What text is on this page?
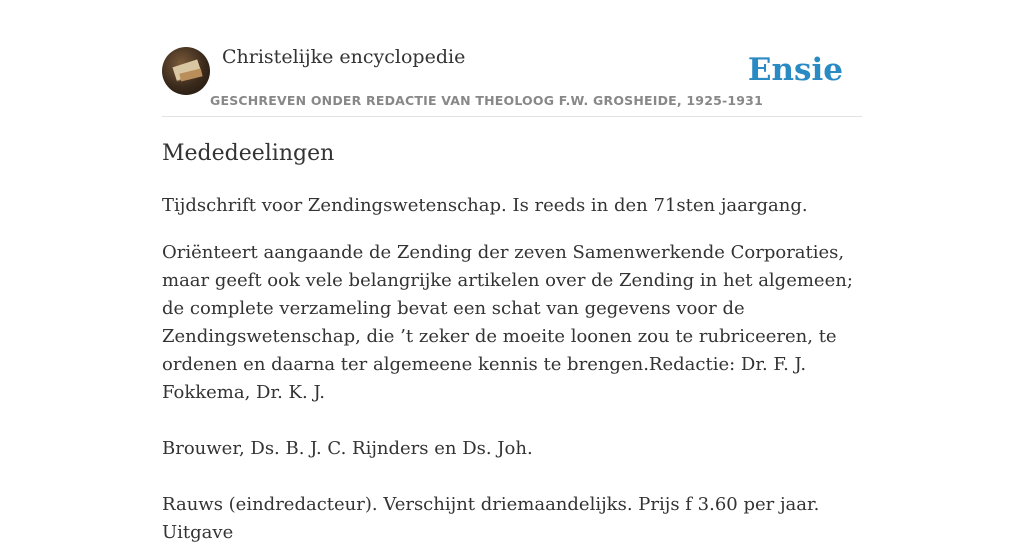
Christelijke encyclopedie
GESCHREVEN ONDER REDACTIE VAN THEOLOOG F.W. GROSHEIDE, 1925-1931
Ensie
Mededeelingen

Tijdschrift voor Zendingswetenschap. Is reeds in den 71sten jaargang.

Oriënteert aangaande de Zending der zeven Samenwerkende Corporaties, maar geeft ook vele belangrijke artikelen over de Zending in het algemeen; de complete verzameling bevat een schat van gegevens voor de Zendingswetenschap, die ’t zeker de moeite loonen zou te rubriceeren, te ordenen en daarna ter algemeene kennis te brengen.Redactie: Dr. F. J. Fokkema, Dr. K. J.

Brouwer, Ds. B. J. C. Rijnders en Ds. Joh.

Rauws (eindredacteur). Verschijnt driemaandelijks. Prijs f 3.60 per jaar. Uitgave
